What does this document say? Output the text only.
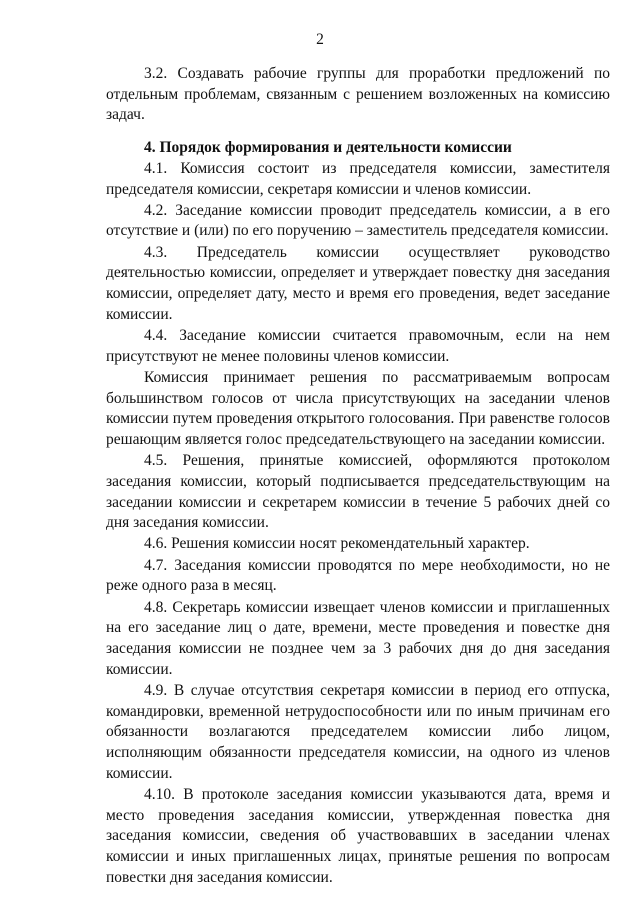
2

3.2. Создавать рабочие группы для проработки предложений по отдельным проблемам, связанным с решением возложенных на комиссию задач.

4. Порядок формирования и деятельности комиссии

4.1. Комиссия состоит из председателя комиссии, заместителя председателя комиссии, секретаря комиссии и членов комиссии.

4.2. Заседание комиссии проводит председатель комиссии, а в его отсутствие и (или) по его поручению – заместитель председателя комиссии.

4.3. Председатель комиссии осуществляет руководство деятельностью комиссии, определяет и утверждает повестку дня заседания комиссии, определяет дату, место и время его проведения, ведет заседание комиссии.

4.4. Заседание комиссии считается правомочным, если на нем присутствуют не менее половины членов комиссии.

Комиссия принимает решения по рассматриваемым вопросам большинством голосов от числа присутствующих на заседании членов комиссии путем проведения открытого голосования. При равенстве голосов решающим является голос председательствующего на заседании комиссии.

4.5. Решения, принятые комиссией, оформляются протоколом заседания комиссии, который подписывается председательствующим на заседании комиссии и секретарем комиссии в течение 5 рабочих дней со дня заседания комиссии.

4.6. Решения комиссии носят рекомендательный характер.

4.7. Заседания комиссии проводятся по мере необходимости, но не реже одного раза в месяц.

4.8. Секретарь комиссии извещает членов комиссии и приглашенных на его заседание лиц о дате, времени, месте проведения и повестке дня заседания комиссии не позднее чем за 3 рабочих дня до дня заседания комиссии.

4.9. В случае отсутствия секретаря комиссии в период его отпуска, командировки, временной нетрудоспособности или по иным причинам его обязанности возлагаются председателем комиссии либо лицом, исполняющим обязанности председателя комиссии, на одного из членов комиссии.

4.10. В протоколе заседания комиссии указываются дата, время и место проведения заседания комиссии, утвержденная повестка дня заседания комиссии, сведения об участвовавших в заседании членах комиссии и иных приглашенных лицах, принятые решения по вопросам повестки дня заседания комиссии.
